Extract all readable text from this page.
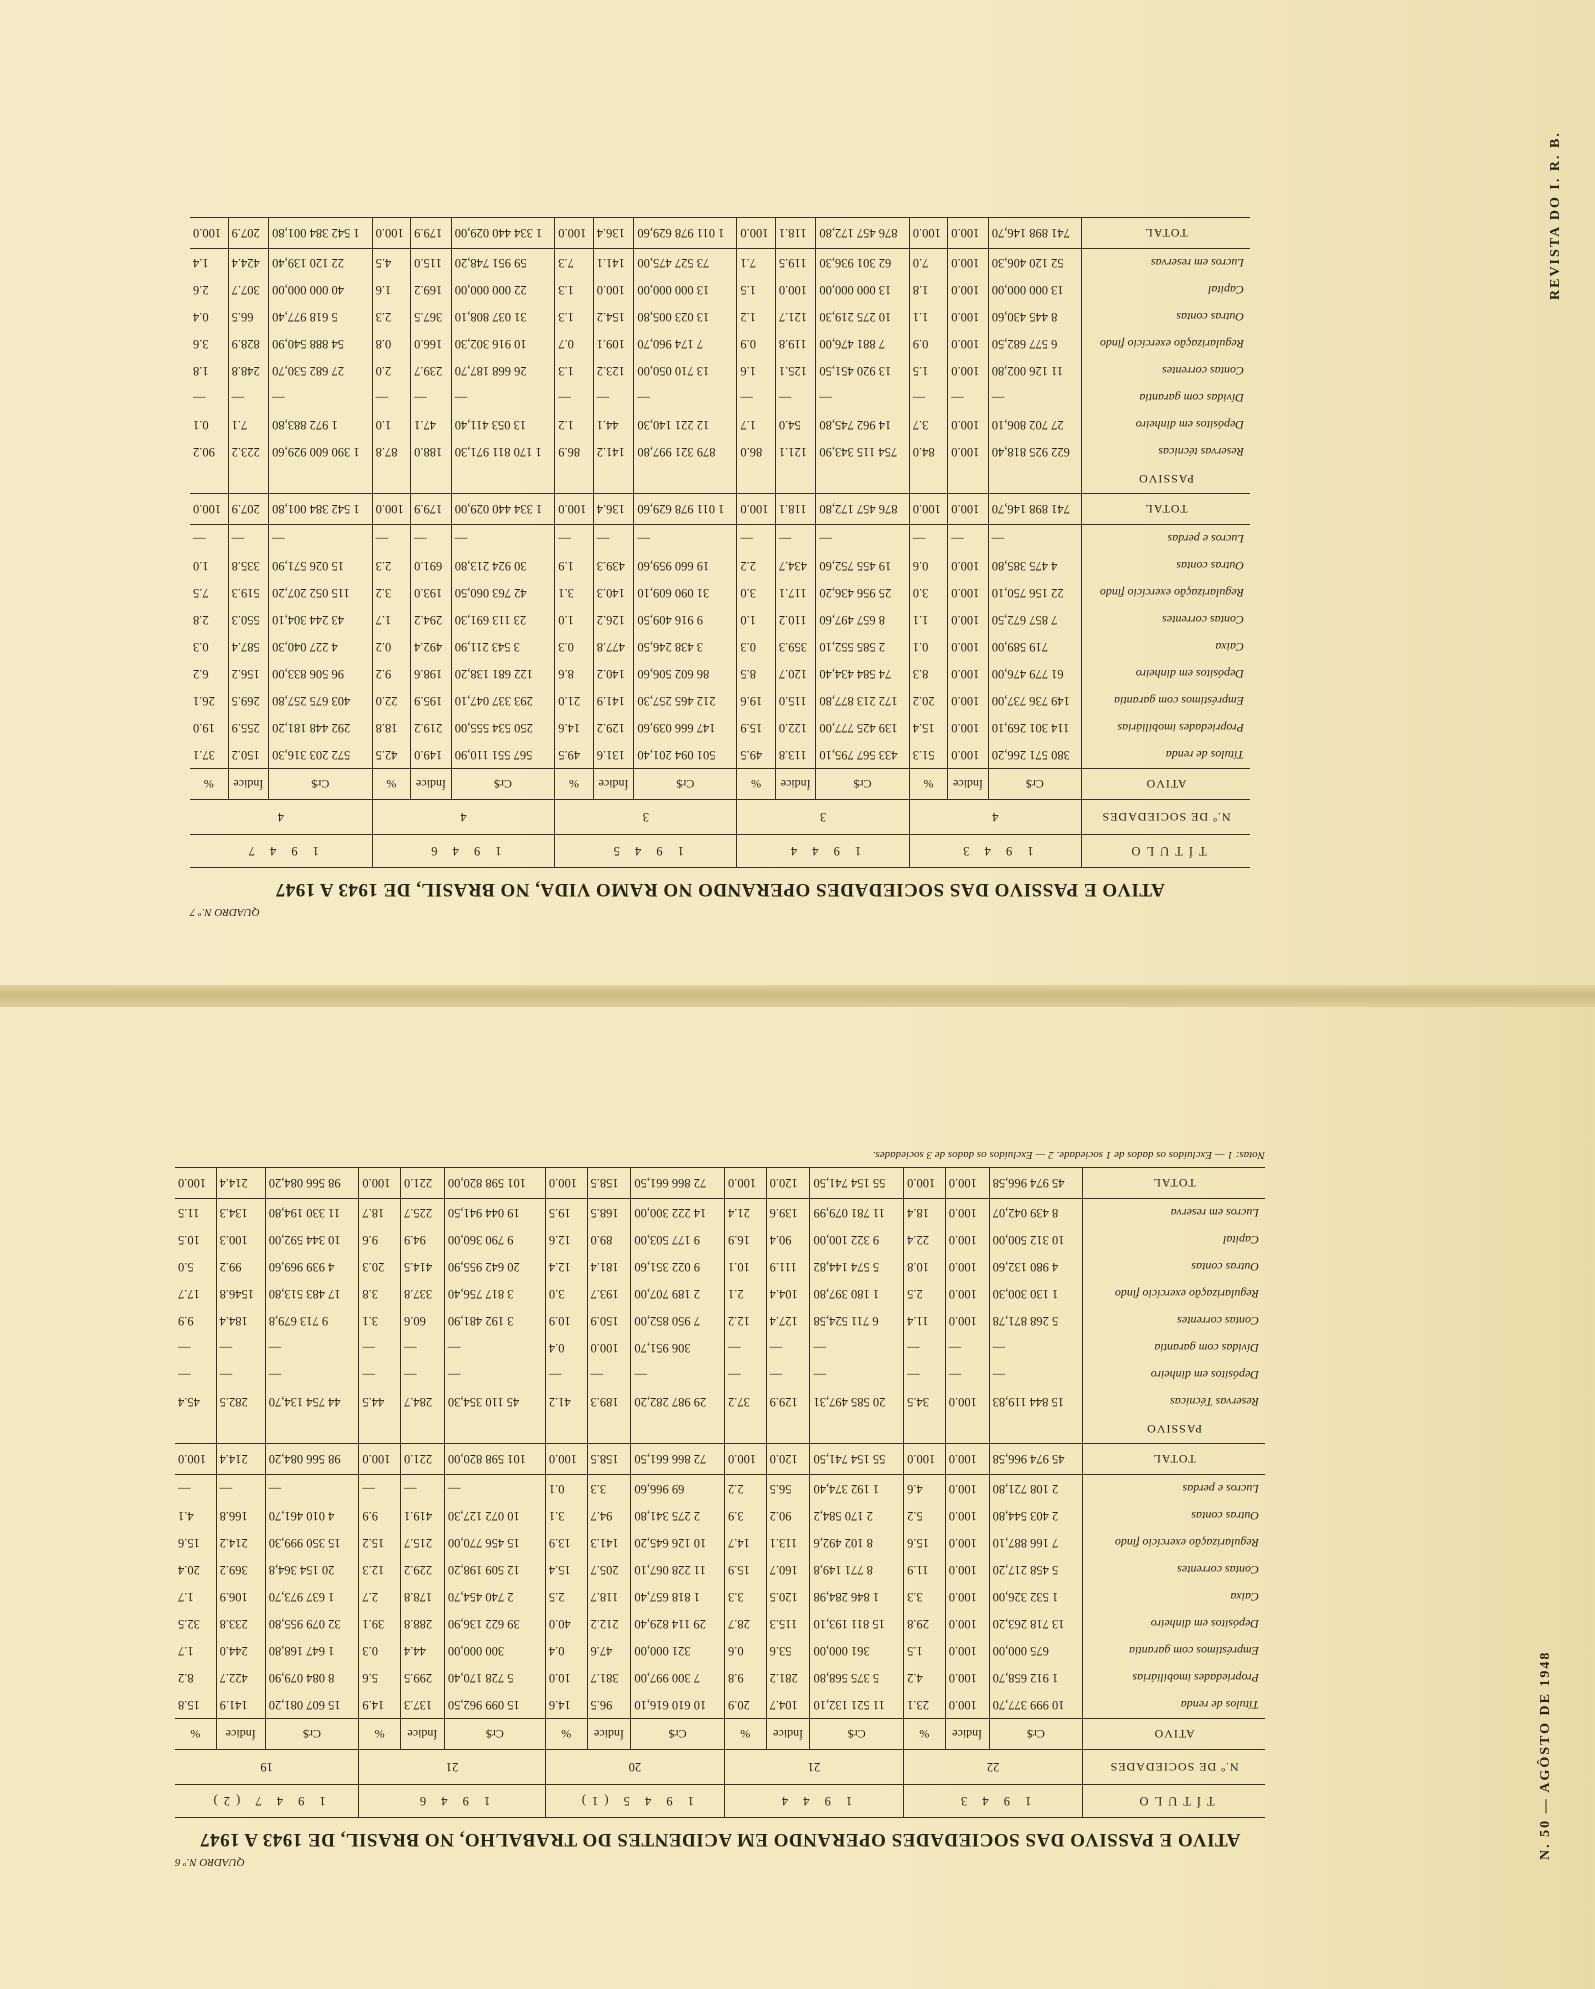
REVISTA DO I. R. B.
N. 50 — AGÔSTO DE 1948
QUADRO N.º 7
ATIVO E PASSIVO DAS SOCIEDADES OPERANDO NO RAMO VIDA, NO BRASIL, DE 1943 A 1947
TÍTULO	1 9 4 3			1 9 4 4			1 9 4 5			1 9 4 6			1 9 4 7		
N.º DE SOCIEDADES	4			3			3			4			4		
ATIVO	Cr$	Índice	%	Cr$	Índice	%	Cr$	Índice	%	Cr$	Índice	%	Cr$	Índice	%
Títulos de renda	380 571 266,20	100.0	51.3	433 567 795,10	113.8	49.5	501 094 201,40	131.6	49.5	567 551 110,90	149.0	42.5	572 203 316,30	150.2	37.1
Propriedades imobiliárias	114 301 269,10	100.0	15.4	139 425 777,00	122.0	15.9	147 666 039,60	129.2	14.6	250 534 555,00	219.2	18.8	292 448 181,20	255.9	19.0
Empréstimos com garantia	149 736 737,00	100.0	20.2	172 213 877,80	115.0	19.6	212 465 257,30	141.9	21.0	293 337 047,10	195.9	22.0	403 675 257,80	269.5	26.1
Depósitos em dinheiro	61 779 476,00	100.0	8.3	74 584 434,40	120.7	8.5	86 602 506,60	140.2	8.6	122 681 138,20	198.6	9.2	96 506 833,00	156.2	6.2
Caixa	719 589,00	100.0	0.1	2 585 552,10	359.3	0.3	3 438 246,50	477.8	0.3	3 543 211,90	492.4	0.2	4 227 040,30	587.4	0.3
Contas correntes	7 857 672,50	100.0	1.1	8 657 497,60	110.2	1.0	9 916 409,50	126.2	1.0	23 113 691,30	294.2	1.7	43 244 304,10	550.3	2.8
Regularização exercício findo	22 156 750,10	100.0	3.0	25 956 436,20	117.1	3.0	31 090 609,10	140.3	3.1	42 763 060,50	193.0	3.2	115 052 207,20	519.3	7.5
Outras contas	4 475 385,80	100.0	0.6	19 455 752,60	434.7	2.2	19 660 959,60	439.3	1.9	30 924 213,80	691.0	2.3	15 026 571,90	335.8	1.0
Lucros e perdas	—	—	—	—	—	—	—	—	—	—	—	—	—	—	—
TOTAL	741 898 146,70	100.0	100.0	876 457 172,80	118.1	100.0	1 011 978 629,60	136.4	100.0	1 334 440 029,00	179.9	100.0	1 542 384 001,80	207.9	100.0
PASSIVO															
Reservas técnicas	622 925 818,40	100.0	84.0	754 115 343,90	121.1	86.0	879 321 997,80	141.2	86.9	1 170 811 971,30	188.0	87.8	1 390 600 929,60	223.2	90.2
Depósitos em dinheiro	27 702 806,10	100.0	3.7	14 962 745,80	54.0	1.7	12 221 140,30	44.1	1.2	13 053 411,40	47.1	1.0	1 972 883,80	7.1	0.1
Dívidas com garantia	—	—	—	—	—	—	—	—	—	—	—	—	—	—	—
Contas correntes	11 126 002,80	100.0	1.5	13 920 451,50	125.1	1.6	13 710 050,00	123.2	1.3	26 668 187,70	239.7	2.0	27 682 530,70	248.8	1.8
Regularização exercício findo	6 577 682,50	100.0	0.9	7 881 476,00	119.8	0.9	7 174 960,70	109.1	0.7	10 916 302,30	166.0	0.8	54 888 540,90	828.9	3.6
Outras contas	8 445 430,60	100.0	1.1	10 275 219,30	121.7	1.2	13 023 005,80	154.2	1.3	31 037 808,10	367.5	2.3	5 618 977,40	66.5	0.4
Capital	13 000 000,00	100.0	1.8	13 000 000,00	100.0	1.5	13 000 000,00	100.0	1.3	22 000 000,00	169.2	1.6	40 000 000,00	307.7	2.6
Lucros em reservas	52 120 406,30	100.0	7.0	62 301 936,30	119.5	7.1	73 527 475,00	141.1	7.3	59 951 748,20	115.0	4.5	22 120 139,40	424.4	1.4
TOTAL	741 898 146,70	100.0	100.0	876 457 172,80	118.1	100.0	1 011 978 629,60	136.4	100.0	1 334 440 029,00	179.9	100.0	1 542 384 001,80	207.9	100.0
QUADRO N.º 6
ATIVO E PASSIVO DAS SOCIEDADES OPERANDO EM ACIDENTES DO TRABALHO, NO BRASIL, DE 1943 A 1947
TÍTULO	1 9 4 3			1 9 4 4			1 9 4 5 (1)			1 9 4 6			1 9 4 7 (2)		
N.º DE SOCIEDADES	22			21			20			21			19		
ATIVO	Cr$	Índice	%	Cr$	Índice	%	Cr$	Índice	%	Cr$	Índice	%	Cr$	Índice	%
Títulos de renda	10 999 377,70	100.0	23.1	11 521 132,10	104.7	20.9	10 610 616,10	96.5	14.6	15 099 962,50	137.3	14.9	15 607 081,20	141.9	15.8
Propriedades imobiliárias	1 912 658,70	100.0	4.2	5 375 568,80	281.2	9.8	7 300 997,00	381.7	10.0	5 728 170,40	299.5	5.6	8 084 079,90	422.7	8.2
Empréstimos com garantia	675 000,00	100.0	1.5	361 000,00	53.6	0.6	321 000,00	47.6	0.4	300 000,00	44.4	0.3	1 647 168,80	244.0	1.7
Depósitos em dinheiro	13 718 263,20	100.0	29.8	15 811 193,10	115.3	28.7	29 114 829,40	212.2	40.0	39 622 136,90	288.8	39.1	32 079 955,80	233.8	32.5
Caixa	1 532 326,00	100.0	3.3	1 846 284,98	120.5	3.3	1 818 657,40	118.7	2.5	2 740 454,70	178.8	2.7	1 637 973,70	106.9	1.7
Contas correntes	5 458 217,20	100.0	11.9	8 771 149,8	160.7	15.9	11 228 067,10	205.7	15.4	12 509 198,20	229.2	12.3	20 154 364,8	369.2	20.4
Regularização exercício findo	7 166 887,10	100.0	15.6	8 102 492,6	113.1	14.7	10 126 645,20	141.3	13.9	15 456 770,00	215.7	15.2	15 350 999,30	214.2	15.6
Outras contas	2 403 544,80	100.0	5.2	2 170 584,2	90.2	3.9	2 275 341,80	94.7	3.1	10 072 127,30	419.1	9.9	4 010 461,70	166.8	4.1
Lucros e perdas	2 108 721,80	100.0	4.6	1 192 374,40	56.5	2.2	69 966,60	3.3	0.1	—	—	—	—	—	—
TOTAL	45 974 966,58	100.0	100.0	55 154 741,50	120.0	100.0	72 866 661,50	158.5	100.0	101 598 820,00	221.0	100.0	98 566 084,20	214.4	100.0
PASSIVO															
Reservas Técnicas	15 844 119,83	100.0	34.5	20 585 497,31	129.9	37.2	29 987 282,20	189.3	41.2	45 110 354,30	284.7	44.5	44 754 134,70	282.5	45.4
Depósitos em dinheiro	—	—	—	—	—	—	—	—	—	—	—	—	—	—	—
Dívidas com garantia	—	—	—	—	—	—	306 951,70	100.0	0.4	—	—	—	—	—	—
Contas correntes	5 268 871,78	100.0	11.4	6 711 524,58	127.4	12.2	7 950 852,00	150.9	10.9	3 192 481,90	60.6	3.1	9 713 679,8	184.4	9.9
Regularização exercício findo	1 130 300,30	100.0	2.5	1 180 397,80	104.4	2.1	2 189 707,00	193.7	3.0	3 817 756,40	337.8	3.8	17 483 513,80	1546.8	17.7
Outras contas	4 980 132,60	100.0	10.8	5 574 144,82	111.9	10.1	9 022 351,60	181.4	12.4	20 642 955,90	414.5	20.3	4 939 969,60	99.2	5.0
Capital	10 312 500,00	100.0	22.4	9 322 100,00	90.4	16.9	9 177 503,00	89.0	12.6	9 790 360,00	94.9	9.6	10 344 592,00	100.3	10.5
Lucros em reserva	8 439 042,07	100.0	18.4	11 781 079,99	139.6	21.4	14 222 300,00	168.5	19.5	19 044 941,50	225.7	18.7	11 330 194,80	134.3	11.5
TOTAL	45 974 966,58	100.0	100.0	55 154 741,50	120.0	100.0	72 866 661,50	158.5	100.0	101 598 820,00	221.0	100.0	98 566 084,20	214.4	100.0
Notas: 1 — Excluídos os dados de 1 sociedade. 2 — Excluídos os dados de 3 sociedades.
